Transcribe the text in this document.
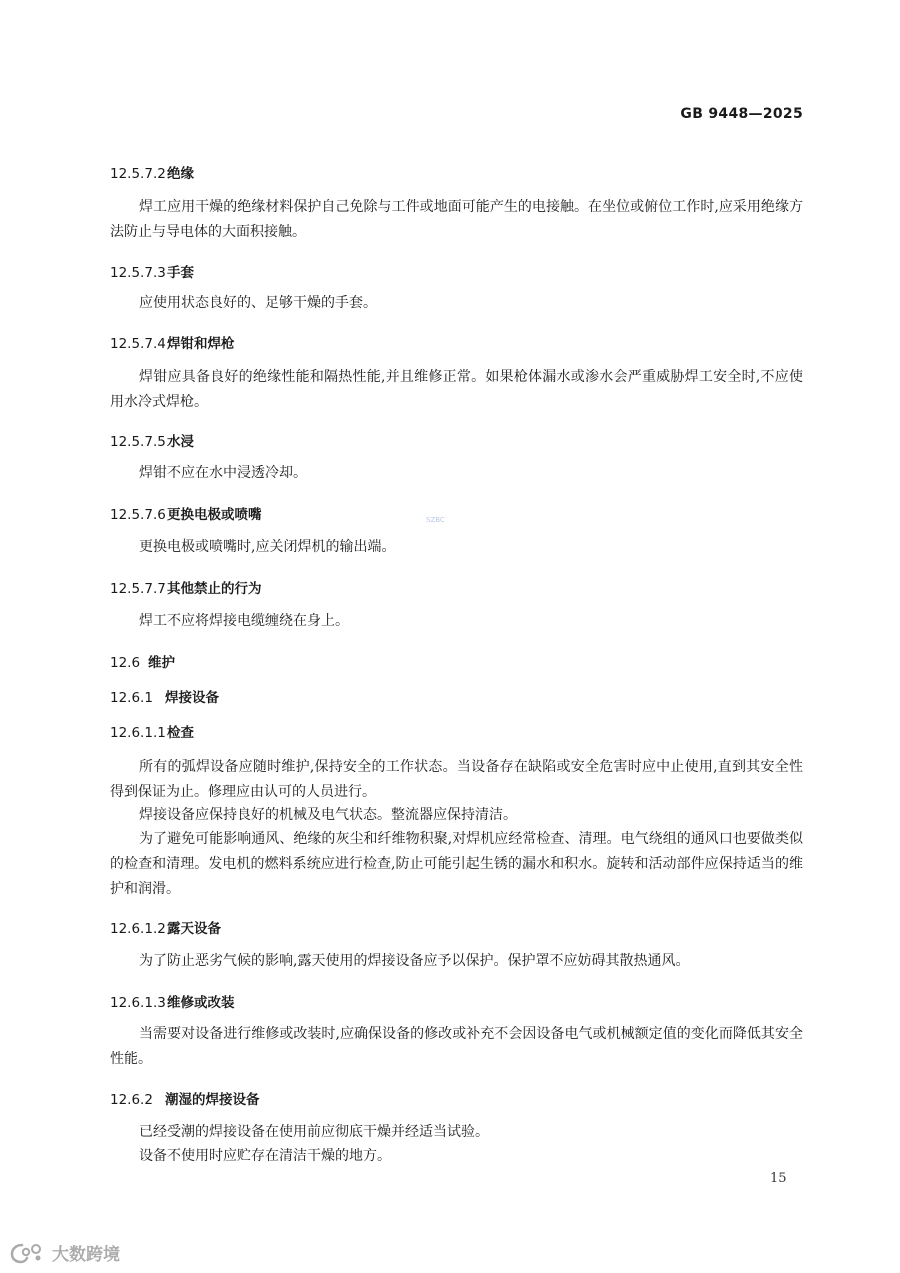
GB 9448—2025
12.5.7.2绝缘
焊工应用干燥的绝缘材料保护自己免除与工件或地面可能产生的电接触。在坐位或俯位工作时,应采用绝缘方法防止与导电体的大面积接触。
12.5.7.3手套
应使用状态良好的、足够干燥的手套。
12.5.7.4焊钳和焊枪
焊钳应具备良好的绝缘性能和隔热性能,并且维修正常。如果枪体漏水或渗水会严重威胁焊工安全时,不应使用水冷式焊枪。
12.5.7.5水浸
焊钳不应在水中浸透冷却。
12.5.7.6更换电极或喷嘴
更换电极或喷嘴时,应关闭焊机的输出端。
12.5.7.7其他禁止的行为
焊工不应将焊接电缆缠绕在身上。
12.6 维护
12.6.1 焊接设备
12.6.1.1检查
所有的弧焊设备应随时维护,保持安全的工作状态。当设备存在缺陷或安全危害时应中止使用,直到其安全性得到保证为止。修理应由认可的人员进行。
焊接设备应保持良好的机械及电气状态。整流器应保持清洁。
为了避免可能影响通风、绝缘的灰尘和纤维物积聚,对焊机应经常检查、清理。电气绕组的通风口也要做类似的检查和清理。发电机的燃料系统应进行检查,防止可能引起生锈的漏水和积水。旋转和活动部件应保持适当的维护和润滑。
12.6.1.2露天设备
为了防止恶劣气候的影响,露天使用的焊接设备应予以保护。保护罩不应妨碍其散热通风。
12.6.1.3维修或改装
当需要对设备进行维修或改装时,应确保设备的修改或补充不会因设备电气或机械额定值的变化而降低其安全性能。
12.6.2 潮湿的焊接设备
已经受潮的焊接设备在使用前应彻底干燥并经适当试验。
设备不使用时应贮存在清洁干燥的地方。
15
SZBC
大数跨境
